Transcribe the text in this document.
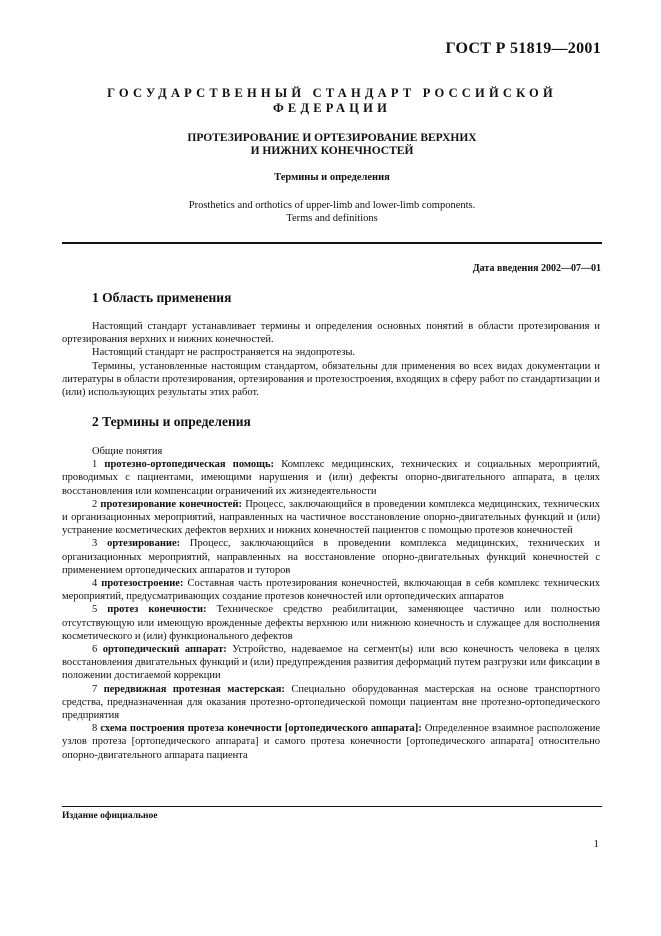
ГОСТ Р 51819—2001
ГОСУДАРСТВЕННЫЙ СТАНДАРТ РОССИЙСКОЙ ФЕДЕРАЦИИ
ПРОТЕЗИРОВАНИЕ И ОРТЕЗИРОВАНИЕ ВЕРХНИХ
И НИЖНИХ КОНЕЧНОСТЕЙ
Термины и определения
Prosthetics and orthotics of upper-limb and lower-limb components.
Terms and definitions
Дата введения 2002—07—01
1 Область применения

Настоящий стандарт устанавливает термины и определения основных понятий в области протезирования и ортезирования верхних и нижних конечностей.

Настоящий стандарт не распространяется на эндопротезы.

Термины, установленные настоящим стандартом, обязательны для применения во всех видах документации и литературы в области протезирования, ортезирования и протезостроения, входящих в сферу работ по стандартизации и (или) использующих результаты этих работ.

2 Термины и определения

Общие понятия

1 протезно-ортопедическая помощь: Комплекс медицинских, технических и социальных мероприятий, проводимых с пациентами, имеющими нарушения и (или) дефекты опорно-двигательного аппарата, в целях восстановления или компенсации ограничений их жизнедеятельности

2 протезирование конечностей: Процесс, заключающийся в проведении комплекса медицинских, технических и организационных мероприятий, направленных на частичное восстановление опорно-двигательных функций и (или) устранение косметических дефектов верхних и нижних конечностей пациентов с помощью протезов конечностей

3 ортезирование: Процесс, заключающийся в проведении комплекса медицинских, технических и организационных мероприятий, направленных на восстановление опорно-двигательных функций конечностей с применением ортопедических аппаратов и туторов

4 протезостроение: Составная часть протезирования конечностей, включающая в себя комплекс технических мероприятий, предусматривающих создание протезов конечностей или ортопедических аппаратов

5 протез конечности: Техническое средство реабилитации, заменяющее частично или полностью отсутствующую или имеющую врожденные дефекты верхнюю или нижнюю конечность и служащее для восполнения косметического и (или) функционального дефектов

6 ортопедический аппарат: Устройство, надеваемое на сегмент(ы) или всю конечность человека в целях восстановления двигательных функций и (или) предупреждения развития деформаций путем разгрузки или фиксации в положении достигаемой коррекции

7 передвижная протезная мастерская: Специально оборудованная мастерская на основе транспортного средства, предназначенная для оказания протезно-ортопедической помощи пациентам вне протезно-ортопедического предприятия

8 схема построения протеза конечности [ортопедического аппарата]: Определенное взаимное расположение узлов протеза [ортопедического аппарата] и самого протеза конечности [ортопедического аппарата] относительно опорно-двигательного аппарата пациента

Издание официальное
1
